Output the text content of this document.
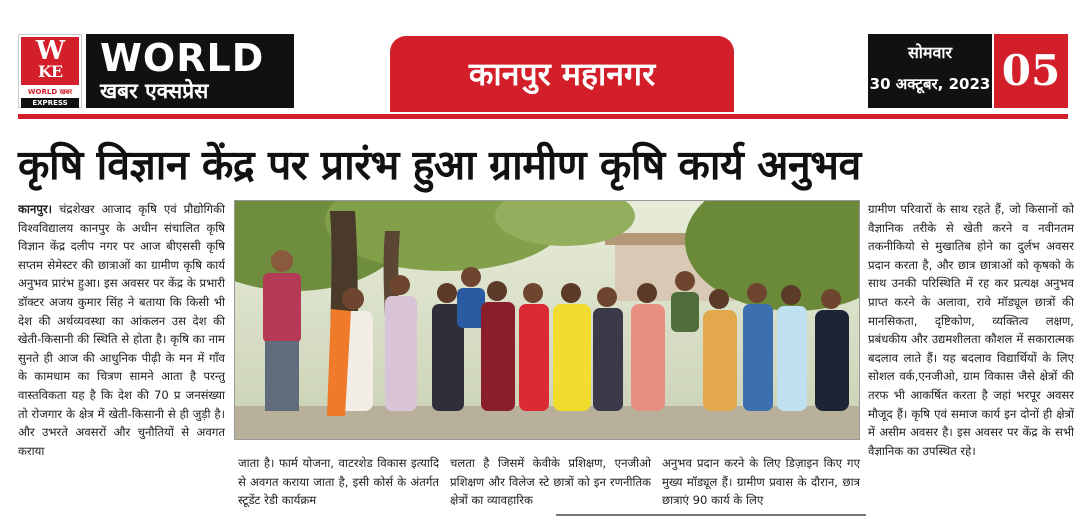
W
KE
WORLD खबर
EXPRESS
WORLD
खबर एक्सप्रेस	कानपुर महानगर
सोमवार
30 अक्टूबर, 2023 05
कृषि विज्ञान केंद्र पर प्रारंभ हुआ ग्रामीण कृषि कार्य अनुभव
कानपुर। चंद्रशेखर आजाद कृषि एवं प्रौद्योगिकी विश्वविद्यालय कानपुर के अधीन संचालित कृषि विज्ञान केंद्र दलीप नगर पर आज बीएससी कृषि सप्तम सेमेस्टर की छात्राओं का ग्रामीण कृषि कार्य अनुभव प्रारंभ हुआ। इस अवसर पर केंद्र के प्रभारी डॉक्टर अजय कुमार सिंह ने बताया कि किसी भी देश की अर्थव्यवस्था का आंकलन उस देश की खेती-किसानी की स्थिति से होता है। कृषि का नाम सुनते ही आज की आधुनिक पीढ़ी के मन में गाँव के कामधाम का चित्रण सामने आता है परन्तु वास्तविकता यह है कि देश की 70 प्र जनसंख्या तो रोजगार के क्षेत्र में खेती-किसानी से ही जुड़ी है। और उभरते अवसरों और चुनौतियों से अवगत कराया
जाता है। फार्म योजना, वाटरशेड विकास इत्यादि से अवगत कराया जाता है, इसी कोर्स के अंतर्गत स्टूडेंट रेडी कार्यक्रम
चलता है जिसमें केवीके प्रशिक्षण, एनजीओ प्रशिक्षण और विलेज स्टे छात्रों को इन रणनीतिक क्षेत्रों का व्यावहारिक
अनुभव प्रदान करने के लिए डिज़ाइन किए गए मुख्य मॉड्यूल हैं। ग्रामीण प्रवास के दौरान, छात्र छात्राएं 90 कार्य के लिए
ग्रामीण परिवारों के साथ रहते हैं, जो किसानों को वैज्ञानिक तरीके से खेती करने व नवीनतम तकनीकियो से मुखातिब होने का दुर्लभ अवसर प्रदान करता है, और छात्र छात्राओं को कृषको के साथ उनकी परिस्थिति में रह कर प्रत्यक्ष अनुभव प्राप्त करने के अलावा, रावे मॉड्यूल छात्रों की मानसिकता, दृष्टिकोण, व्यक्तित्व लक्षण, प्रबंधकीय और उद्यमशीलता कौशल में सकारात्मक बदलाव लाते हैं। यह बदलाव विद्यार्थियों के लिए सोशल वर्क,एनजीओ, ग्राम विकास जैसे क्षेत्रों की तरफ भी आकर्षित करता है जहां भरपूर अवसर मौजूद हैं। कृषि एवं समाज कार्य इन दोनों ही क्षेत्रों में असीम अवसर है। इस अवसर पर केंद्र के सभी वैज्ञानिक का उपस्थित रहे।
